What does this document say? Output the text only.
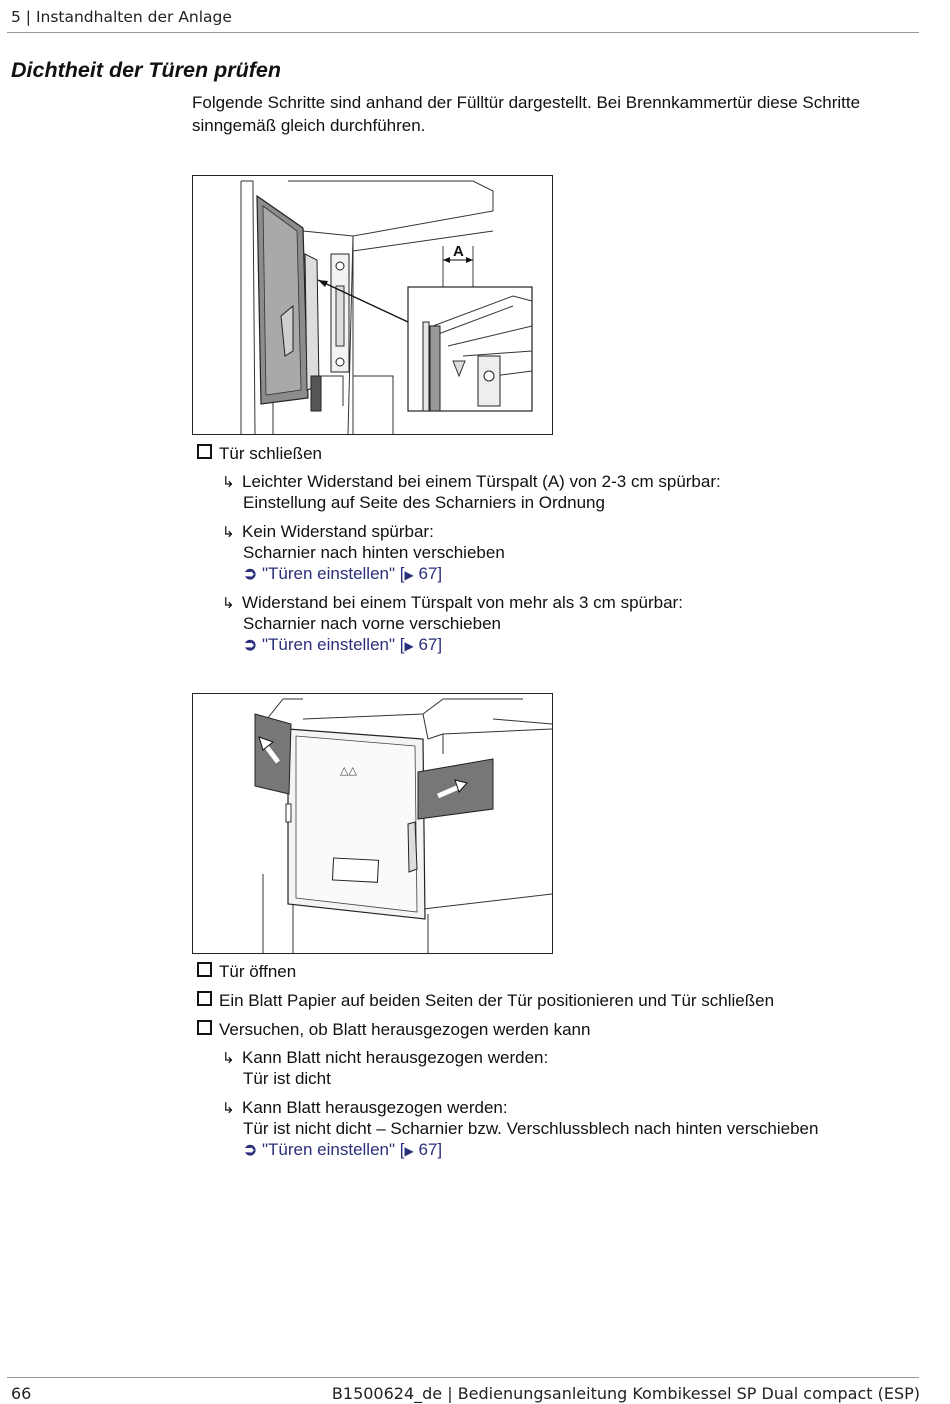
5 | Instandhalten der Anlage
Dichtheit der Türen prüfen
Folgende Schritte sind anhand der Fülltür dargestellt. Bei Brennkammertür diese Schritte sinngemäß gleich durchführen.
A
Tür schließen
↳ Leichter Widerstand bei einem Türspalt (A) von 2-3 cm spürbar:
Einstellung auf Seite des Scharniers in Ordnung
↳ Kein Widerstand spürbar:
Scharnier nach hinten verschieben
➲ "Türen einstellen" [▶ 67]
↳ Widerstand bei einem Türspalt von mehr als 3 cm spürbar:
Scharnier nach vorne verschieben
➲ "Türen einstellen" [▶ 67]
△△
Tür öffnen
Ein Blatt Papier auf beiden Seiten der Tür positionieren und Tür schließen
Versuchen, ob Blatt herausgezogen werden kann
↳ Kann Blatt nicht herausgezogen werden:
Tür ist dicht
↳ Kann Blatt herausgezogen werden:
Tür ist nicht dicht – Scharnier bzw. Verschlussblech nach hinten verschieben
➲ "Türen einstellen" [▶ 67]
66	B1500624_de | Bedienungsanleitung Kombikessel SP Dual compact (ESP)
